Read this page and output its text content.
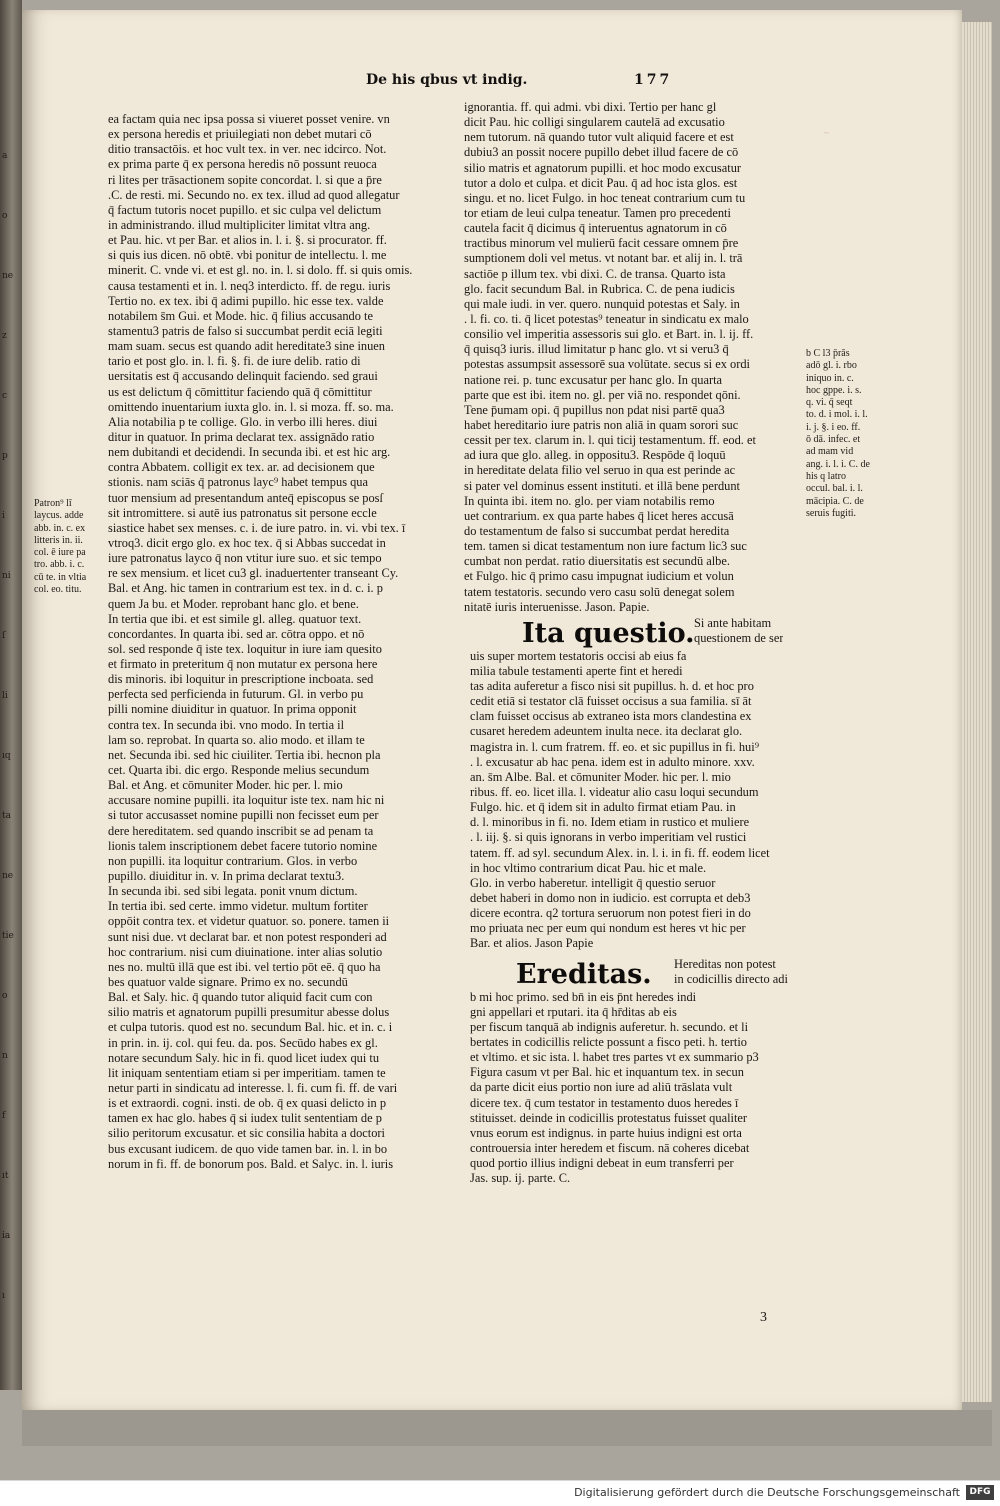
a
o
ne
z
c
p
i
ni
ſ
li
ıq
ta
ne
tie
o
n
f
ıt
ia
ı
De his qbus vt indig.	177
~
ea factam quia nec ipsa possa si viueret posset venire. vn
ex persona heredis et priuilegiati non debet mutari cō
ditio transactōis. et hoc vult tex. in ver. nec idcirco. Not.
ex prima parte q̄ ex persona heredis nō possunt reuoca
ri lites per trāsactionem sopite concordat. l. si que a p̄re
.C. de resti. mi. Secundo no. ex tex. illud ad quod allegatur
q̄ factum tutoris nocet pupillo. et sic culpa vel delictum
in administrando. illud multipliciter limitat vltra ang.
et Pau. hic. vt per Bar. et alios in. l. i. §. si procurator. ff.
si quis ius dicen. nō obtē. vbi ponitur de intellectu. l. me
minerit. C. vnde vi. et est gl. no. in. l. si dolo. ff. si quis omis.
causa testamenti et in. l. neq3 interdicto. ff. de regu. iuris
Tertio no. ex tex. ibi q̄ adimi pupillo. hic esse tex. valde
notabilem s̄m Gui. et Mode. hic. q̄ filius accusando te
stamentu3 patris de falso si succumbat perdit eciā legiti
mam suam. secus est quando adit hereditate3 sine inuen
tario et post glo. in. l. fi. §. fi. de iure delib. ratio di
uersitatis est q̄ accusando delinquit faciendo. sed graui
us est delictum q̄ cōmittitur faciendo quā q̄ cōmittitur
omittendo inuentarium iuxta glo. in. l. si moza. ff. so. ma.
Alia notabilia p te collige. Glo. in verbo illi heres. diui
ditur in quatuor. In prima declarat tex. assignādo ratio
nem dubitandi et decidendi. In secunda ibi. et est hic arg.
contra Abbatem. colligit ex tex. ar. ad decisionem que
stionis. nam sciās q̄ patronus layc⁹ habet tempus qua
tuor mensium ad presentandum anteq̄ episcopus se posſ
sit intromittere. si autē ius patronatus sit persone eccle
siastice habet sex menses. c. i. de iure patro. in. vi. vbi tex. ī
vtroq3. dicit ergo glo. ex hoc tex. q̄ si Abbas succedat in
iure patronatus layco q̄ non vtitur iure suo. et sic tempo
re sex mensium. et licet cu3 gl. inaduertenter transeant Cy.
Bal. et Ang. hic tamen in contrarium est tex. in d. c. i. p
quem Ja bu. et Moder. reprobant hanc glo. et bene.
In tertia que ibi. et est simile gl. alleg. quatuor text.
concordantes. In quarta ibi. sed ar. cōtra oppo. et nō
sol. sed responde q̄ iste tex. loquitur in iure iam quesito
et firmato in preteritum q̄ non mutatur ex persona here
dis minoris. ibi loquitur in prescriptione incboata. sed
perfecta sed perficienda in futurum. Gl. in verbo pu
pilli nomine diuiditur in quatuor. In prima opponit
contra tex. In secunda ibi. vno modo. In tertia il
lam so. reprobat. In quarta so. alio modo. et illam te
net. Secunda ibi. sed hic ciuiliter. Tertia ibi. hecnon pla
cet. Quarta ibi. dic ergo. Responde melius secundum
Bal. et Ang. et cōmuniter Moder. hic per. l. mio
accusare nomine pupilli. ita loquitur iste tex. nam hic ni
si tutor accusasset nomine pupilli non fecisset eum per
dere hereditatem. sed quando inscribit se ad penam ta
lionis talem inscriptionem debet facere tutorio nomine
non pupilli. ita loquitur contrarium. Glos. in verbo
pupillo. diuiditur in. v. In prima declarat textu3.
In secunda ibi. sed sibi legata. ponit vnum dictum.
In tertia ibi. sed certe. immo videtur. multum fortiter
oppōit contra tex. et videtur quatuor. so. ponere. tamen ii
sunt nisi due. vt declarat bar. et non potest responderi ad
hoc contrarium. nisi cum diuinatione. inter alias solutio
nes no. multū illā que est ibi. vel tertio pōt eē. q̄ quo ha
bes quatuor valde signare. Primo ex no. secundū
Bal. et Saly. hic. q̄ quando tutor aliquid facit cum con
silio matris et agnatorum pupilli presumitur abesse dolus
et culpa tutoris. quod est no. secundum Bal. hic. et in. c. i
in prin. in. ij. col. qui feu. da. pos. Secūdo habes ex gl.
notare secundum Saly. hic in fi. quod licet iudex qui tu
lit iniquam sententiam etiam si per imperitiam. tamen te
netur parti in sindicatu ad interesse. l. fi. cum fi. ff. de vari
is et extraordi. cogni. insti. de ob. q̄ ex quasi delicto in p
tamen ex hac glo. habes q̄ si iudex tulit sententiam de p
silio peritorum excusatur. et sic consilia habita a doctori
bus excusant iudicem. de quo vide tamen bar. in. l. in bo
norum in fi. ff. de bonorum pos. Bald. et Salyc. in. l. iuris
ignorantia. ff. qui admi. vbi dixi. Tertio per hanc gl
dicit Pau. hic colligi singularem cautelā ad excusatio
nem tutorum. nā quando tutor vult aliquid facere et est
dubiu3 an possit nocere pupillo debet illud facere de cō
silio matris et agnatorum pupilli. et hoc modo excusatur
tutor a dolo et culpa. et dicit Pau. q̄ ad hoc ista glos. est
singu. et no. licet Fulgo. in hoc teneat contrarium cum tu
tor etiam de leui culpa teneatur. Tamen pro precedenti
cautela facit q̄ dicimus q̄ interuentus agnatorum in cō
tractibus minorum vel mulierū facit cessare omnem p̄re
sumptionem doli vel metus. vt notant bar. et alij in. l. trā
sactiōe p illum tex. vbi dixi. C. de transa. Quarto ista
glo. facit secundum Bal. in Rubrica. C. de pena iudicis
qui male iudi. in ver. quero. nunquid potestas et Saly. in
. l. fi. co. ti. q̄ licet potestas⁹ teneatur in sindicatu ex malo
consilio vel imperitia assessoris sui glo. et Bart. in. l. ij. ff.
q̄ quisq3 iuris. illud limitatur p hanc glo. vt si veru3 q̄
potestas assumpsit assessorē sua volūtate. secus si ex ordi
natione rei. p. tunc excusatur per hanc glo. In quarta
parte que est ibi. item no. gl. per viā no. respondet qōni.
Tene p̄umam opi. q̄ pupillus non pdat nisi partē qua3
habet hereditario iure patris non aliā in quam sorori suc
cessit per tex. clarum in. l. qui ticij testamentum. ff. eod. et
ad iura que glo. alleg. in oppositu3. Respōde q̄ loquū
in hereditate delata filio vel seruo in qua est perinde ac
si pater vel dominus essent instituti. et illā bene perdunt
In quinta ibi. item no. glo. per viam notabilis remo
uet contrarium. ex qua parte habes q̄ licet heres accusā
do testamentum de falso si succumbat perdat heredita
tem. tamen si dicat testamentum non iure factum lic3 suc
cumbat non perdat. ratio diuersitatis est secundū albe.
et Fulgo. hic q̄ primo casu impugnat iudicium et volun
tatem testatoris. secundo vero casu solū denegat solem
nitatē iuris interuenisse. Jason. Papie.
Ita questio. Si ante habitam
questionem de ser
uis super mortem testatoris occisi ab eius fa
milia tabule testamenti aperte fint et heredi
tas adita auferetur a fisco nisi sit pupillus. h. d. et hoc pro
cedit etiā si testator clā fuisset occisus a sua familia. sī āt
clam fuisset occisus ab extraneo ista mors clandestina ex
cusaret heredem adeuntem inulta nece. ita declarat glo.
magistra in. l. cum fratrem. ff. eo. et sic pupillus in fi. hui⁹
. l. excusatur ab hac pena. idem est in adulto minore. xxv.
an. s̄m Albe. Bal. et cōmuniter Moder. hic per. l. mio
ribus. ff. eo. licet illa. l. videatur alio casu loqui secundum
Fulgo. hic. et q̄ idem sit in adulto firmat etiam Pau. in
d. l. minoribus in fi. no. Idem etiam in rustico et muliere
. l. iij. §. si quis ignorans in verbo imperitiam vel rustici
tatem. ff. ad syl. secundum Alex. in. l. i. in fi. ff. eodem licet
in hoc vltimo contrarium dicat Pau. hic et male.
Glo. in verbo haberetur. intelligit q̄ questio seruor
debet haberi in domo non in iudicio. est corrupta et deb3
dicere econtra. q2 tortura seruorum non potest fieri in do
mo priuata nec per eum qui nondum est heres vt hic per
Bar. et alios. Jason Papie
Ereditas. Hereditas non potest
in codicillis directo adi
b mi hoc primo. sed bn̄ in eis p̄nt heredes indi
gni appellari et rputari. ita q̄ hr̄ditas ab eis
per fiscum tanquā ab indignis auferetur. h. secundo. et li
bertates in codicillis relicte possunt a fisco peti. h. tertio
et vltimo. et sic ista. l. habet tres partes vt ex summario p3
Figura casum vt per Bal. hic et inquantum tex. in secun
da parte dicit eius portio non iure ad aliū trāslata vult
dicere tex. q̄ cum testator in testamento duos heredes ī
stituisset. deinde in codicillis protestatus fuisset qualiter
vnus eorum est indignus. in parte huius indigni est orta
controuersia inter heredem et fiscum. nā coheres dicebat
quod portio illius indigni debeat in eum transferri per
Jas. sup. ij. parte. C.
3
Patron⁹ lī
laycus. adde
abb. in. c. ex
litteris in. ii.
col. ē iure pa
tro. abb. i. c.
cū te. in vltia
col. eo. titu.
b C l3 p̄rās
adō gl. i. rbo
iniquo in. c.
hoc gppe. i. s.
q. vi. q̄ seqt
to. d. i mol. i. l.
i. j. §. i eo. ff.
ō dā. infec. et
ad mam vid
ang. i. l. i. C. de
his q latro
occul. bal. i. l.
mācipia. C. de
seruis fugiti.
Digitalisierung gefördert durch die Deutsche Forschungsgemeinschaft	DFG
